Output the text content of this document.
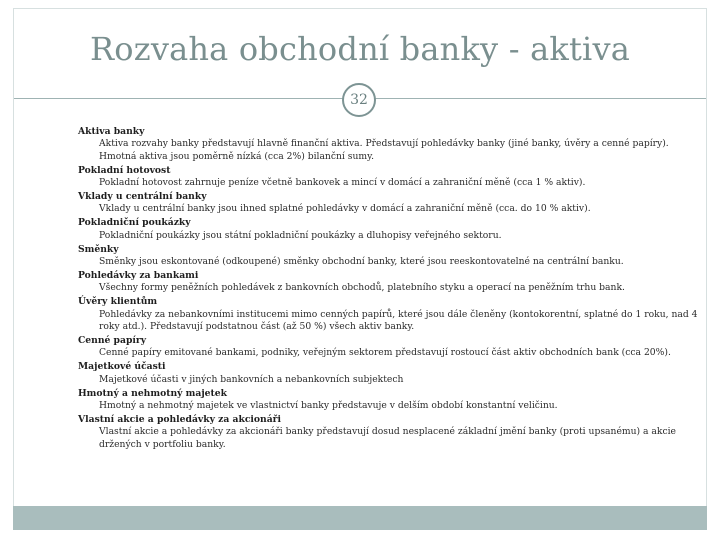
Rozvaha obchodní banky - aktiva
32
Aktiva banky
Aktiva rozvahy banky představují hlavně finanční aktiva. Představují pohledávky banky (jiné banky, úvěry a cenné papíry). Hmotná aktiva jsou poměrně nízká (cca 2%) bilanční sumy.
Pokladní hotovost
Pokladní hotovost zahrnuje peníze včetně bankovek a mincí v domácí a zahraniční měně (cca 1 % aktiv).
Vklady u centrální banky
Vklady u centrální banky jsou ihned splatné pohledávky v domácí a zahraniční měně (cca. do 10 % aktiv).
Pokladniční poukázky
Pokladniční poukázky jsou státní pokladniční poukázky a dluhopisy veřejného sektoru.
Směnky
Směnky jsou eskontované (odkoupené) směnky obchodní banky, které jsou reeskontovatelné na centrální banku.
Pohledávky za bankami
Všechny formy peněžních pohledávek z bankovních obchodů, platebního styku a operací na peněžním trhu bank.
Úvěry klientům
Pohledávky za nebankovními institucemi mimo cenných papírů, které jsou dále členěny (kontokorentní, splatné do 1 roku, nad 4 roky atd.). Představují podstatnou část (až 50 %) všech aktiv banky.
Cenné papíry
Cenné papíry emitované bankami, podniky, veřejným sektorem představují rostoucí část aktiv obchodních bank (cca 20%).
Majetkové účasti
Majetkové účasti v jiných bankovních a nebankovních subjektech
Hmotný a nehmotný majetek
Hmotný a nehmotný majetek ve vlastnictví banky představuje v delším období konstantní veličinu.
Vlastní akcie a pohledávky za akcionáři
Vlastní akcie a pohledávky za akcionáři banky představují dosud nesplacené základní jmění banky (proti upsanému) a akcie držených v portfoliu banky.
